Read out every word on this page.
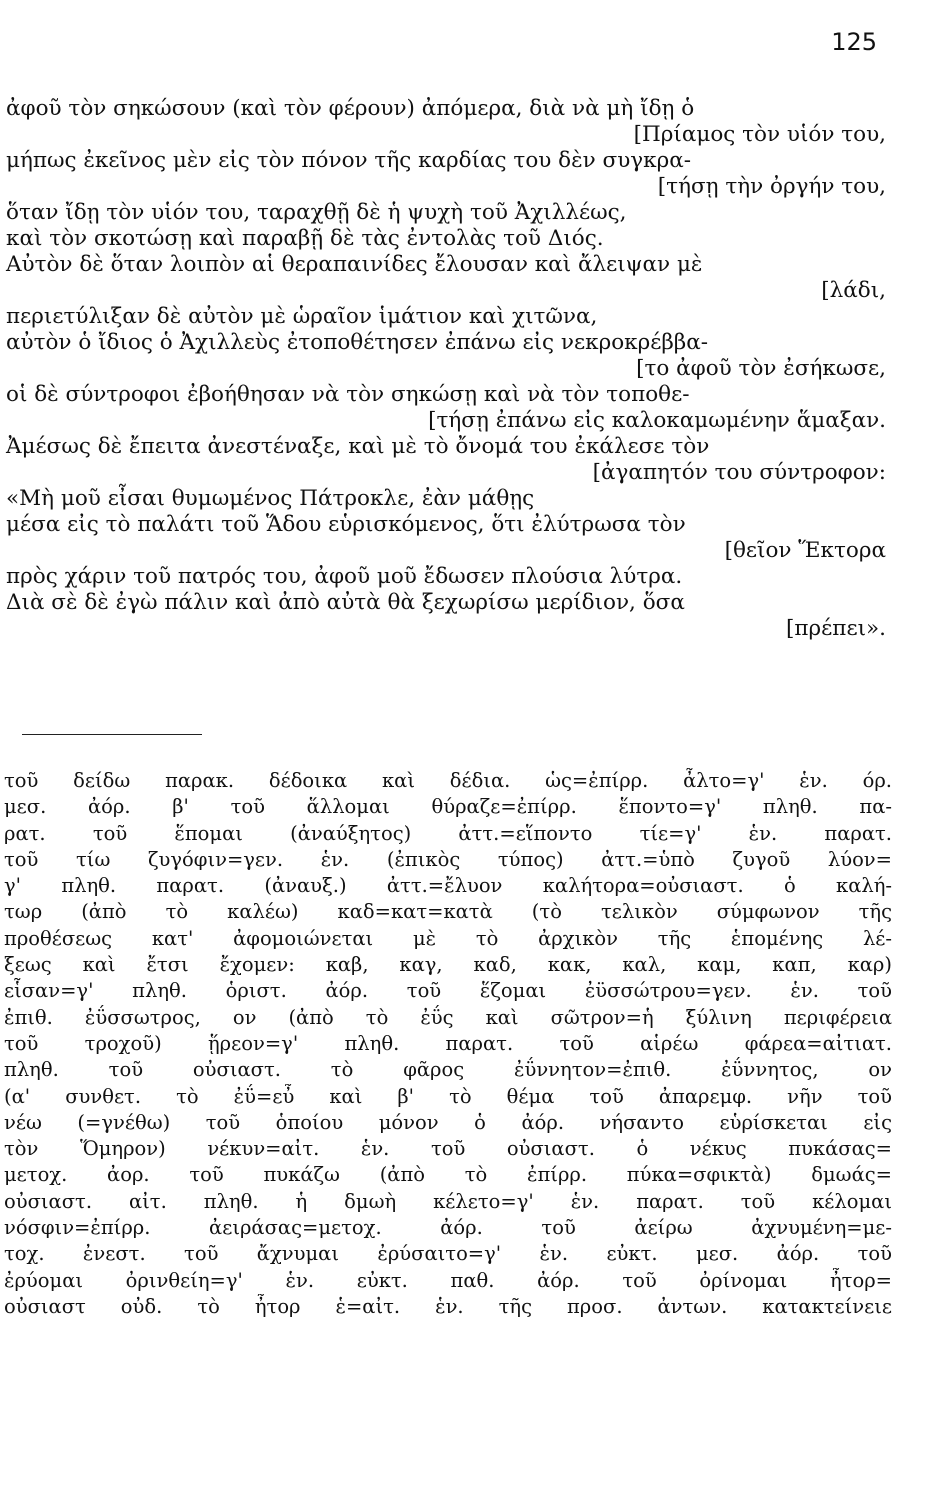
125
ἀφοῦ τὸν σηκώσουν (καὶ τὸν φέρουν) ἀπόμερα, διὰ νὰ μὴ ἴδῃ ὁ
[Πρίαμος τὸν υἱόν του,
μήπως ἐκεῖνος μὲν εἰς τὸν πόνον τῆς καρδίας του δὲν συγκρα-
[τήσῃ τὴν ὀργήν του,
ὅταν ἴδῃ τὸν υἱόν του, ταραχθῇ δὲ ἡ ψυχὴ τοῦ Ἀχιλλέως,
καὶ τὸν σκοτώσῃ καὶ παραβῇ δὲ τὰς ἐντολὰς τοῦ Διός.
Αὐτὸν δὲ ὅταν λοιπὸν αἱ θεραπαινίδες ἔλουσαν καὶ ἄλειψαν μὲ
[λάδι,
περιετύλιξαν δὲ αὐτὸν μὲ ὡραῖον ἱμάτιον καὶ χιτῶνα,
αὐτὸν ὁ ἴδιος ὁ Ἀχιλλεὺς ἐτοποθέτησεν ἐπάνω εἰς νεκροκρέββα-
[το ἀφοῦ τὸν ἐσήκωσε,
οἱ δὲ σύντροφοι ἐβοήθησαν νὰ τὸν σηκώσῃ καὶ νὰ τὸν τοποθε-
[τήσῃ ἐπάνω εἰς καλοκαμωμένην ἅμαξαν.
Ἀμέσως δὲ ἔπειτα ἀνεστέναξε, καὶ μὲ τὸ ὄνομά του ἐκάλεσε τὸν
[ἀγαπητόν του σύντροφον:
«Μὴ μοῦ εἶσαι θυμωμένος Πάτροκλε, ἐὰν μάθῃς
μέσα εἰς τὸ παλάτι τοῦ Ἅδου εὑρισκόμενος, ὅτι ἐλύτρωσα τὸν
[θεῖον Ἕκτορα
πρὸς χάριν τοῦ πατρός του, ἀφοῦ μοῦ ἔδωσεν πλούσια λύτρα.
Διὰ σὲ δὲ ἐγὼ πάλιν καὶ ἀπὸ αὐτὰ θὰ ξεχωρίσω μερίδιον, ὅσα
[πρέπει».
τοῦ δείδω παρακ. δέδοικα καὶ δέδια. ὡς=ἐπίρρ. ἆλτο=γ' ἑν. όρ.
μεσ. ἀόρ. β' τοῦ ἅλλομαι θύραζε=ἐπίρρ. ἕποντο=γ' πληθ. πα-
ρατ. τοῦ ἕπομαι (ἀναύξητος) ἀττ.=εἵποντο τίε=γ' ἑν. παρατ.
τοῦ τίω ζυγόφιν=γεν. ἑν. (ἐπικὸς τύπος) ἀττ.=ὑπὸ ζυγοῦ λύον=
γ' πληθ. παρατ. (ἀναυξ.) ἀττ.=ἔλυον καλήτορα=οὐσιαστ. ὁ καλή-
τωρ (ἀπὸ τὸ καλέω) καδ=κατ=κατὰ (τὸ τελικὸν σύμφωνον τῆς
προθέσεως κατ' ἀφομοιώνεται μὲ τὸ ἀρχικὸν τῆς ἑπομένης λέ-
ξεως καὶ ἔτσι ἔχομεν: καβ, καγ, καδ, κακ, καλ, καμ, καπ, καρ)
εἷσαν=γ' πληθ. ὁριστ. ἀόρ. τοῦ ἕζομαι ἐϋσσώτρου=γεν. ἑν. τοῦ
ἐπιθ. ἐΰσσωτρος, ον (ἀπὸ τὸ ἐΰς καὶ σῶτρον=ἡ ξύλινη περιφέρεια
τοῦ τροχοῦ) ᾕρεον=γ' πληθ. παρατ. τοῦ αἱρέω φάρεα=αἰτιατ.
πληθ. τοῦ οὐσιαστ. τὸ φᾶρος ἐΰννητον=ἐπιθ. ἐΰννητος, ον
(α' συνθετ. τὸ ἐΰ=εὖ καὶ β' τὸ θέμα τοῦ ἀπαρεμφ. νῆν τοῦ
νέω (=γνέθω) τοῦ ὁποίου μόνον ὁ ἀόρ. νήσαντο εὑρίσκεται εἰς
τὸν Ὅμηρον) νέκυν=αἰτ. ἑν. τοῦ οὐσιαστ. ὁ νέκυς πυκάσας=
μετοχ. ἀορ. τοῦ πυκάζω (ἀπὸ τὸ ἐπίρρ. πύκα=σφικτὰ) δμωάς=
οὐσιαστ. αἰτ. πληθ. ἡ δμωὴ κέλετο=γ' ἑν. παρατ. τοῦ κέλομαι
νόσφιν=ἐπίρρ. ἀειράσας=μετοχ. ἀόρ. τοῦ ἀείρω ἀχνυμένη=με-
τοχ. ἐνεστ. τοῦ ἄχνυμαι ἐρύσαιτο=γ' ἑν. εὐκτ. μεσ. ἀόρ. τοῦ
ἐρύομαι ὀρινθείη=γ' ἑν. εὐκτ. παθ. ἀόρ. τοῦ ὀρίνομαι ἦτορ=
οὐσιαστ οὐδ. τὸ ἦτορ ἑ=αἰτ. ἑν. τῆς προσ. ἀντων. κατακτείνειε
